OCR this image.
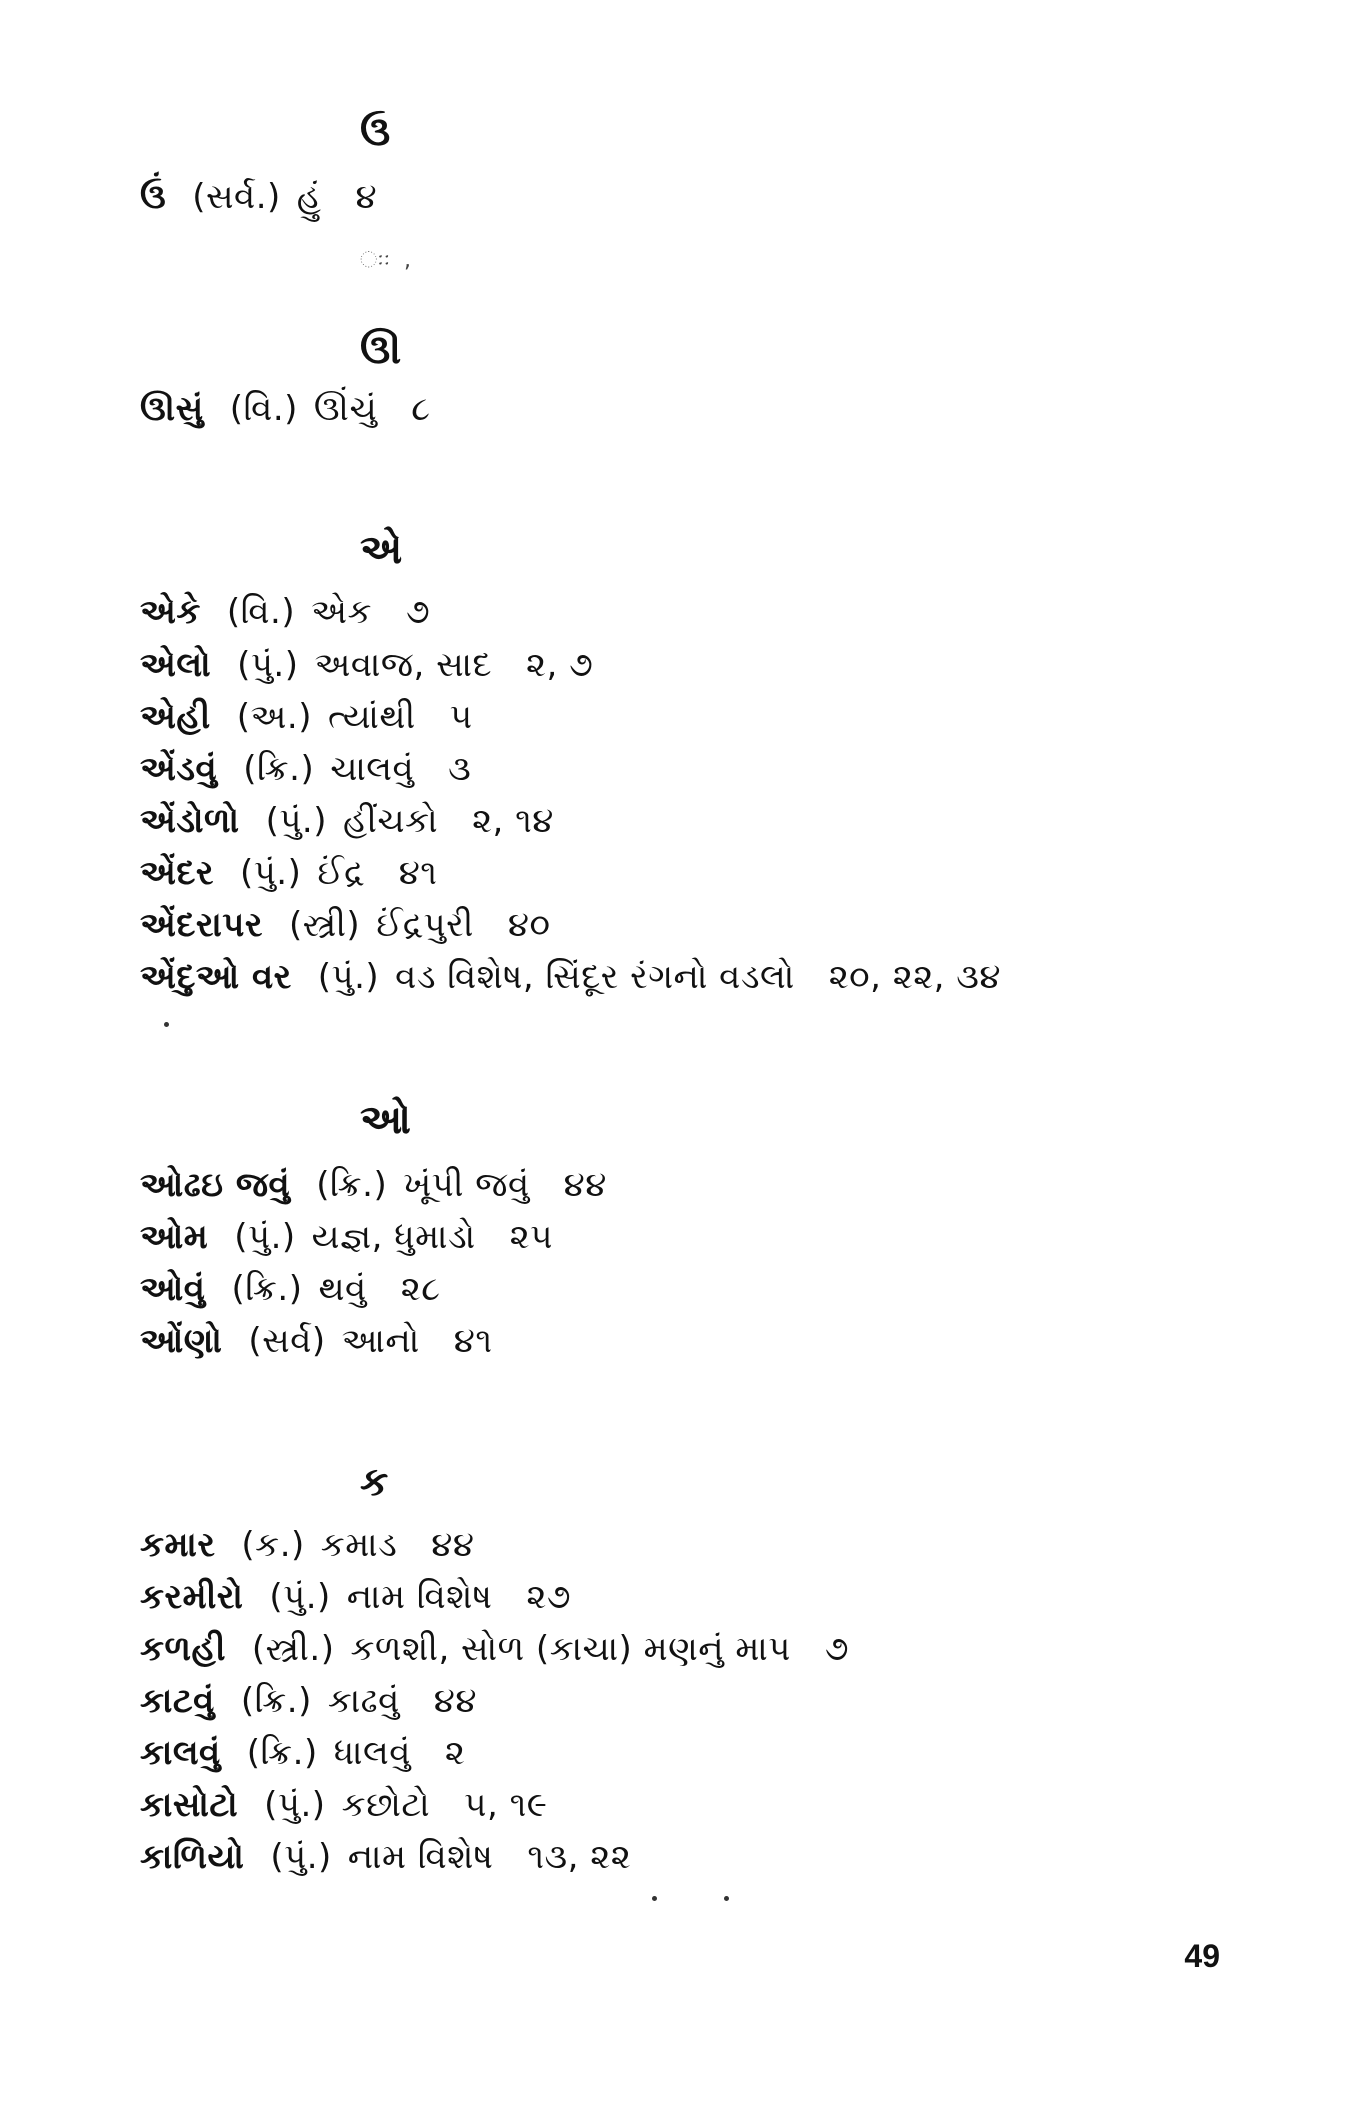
ઉ
ઉં (સર્વ.) હું ૪
ઃઃ ‍ ,
ઊ
ઊસું (વિ.) ઊંચું ૮
એ
એકે (વિ.) એક ૭
એલો (પું.) અવાજ, સાદ ૨, ૭
એહી (અ.) ત્યાંથી ૫
એંડવું (ક્રિ.) ચાલવું ૩
એંડોળો (પું.) હીંચકો ૨, ૧૪
એંદર (પું.) ઈંદ્ર ૪૧
એંદરાપર (સ્ત્રી) ઈંદ્રપુરી ૪૦
એંદુઓ વર (પું.) વડ વિશેષ, સિંદૂર રંગનો વડલો ૨૦, ૨૨, ૩૪
ઓ
ઓઢઇ જવું (ક્રિ.) ખૂંપી જવું ૪૪
ઓમ (પું.) યજ્ઞ, ધુમાડો ૨૫
ઓવું (ક્રિ.) થવું ૨૮
ઓંણો (સર્વ) આનો ૪૧
ક
કમાર (ક.) કમાડ ૪૪
કરમીરો (પું.) નામ વિશેષ ૨૭
કળહી (સ્ત્રી.) કળશી, સોળ (કાચા) મણનું માપ ૭
કાટવું (ક્રિ.) કાઢવું ૪૪
કાલવું (ક્રિ.) ધાલવું ૨
કાસોટો (પું.) કછોટો ૫, ૧૯
કાળિયો (પું.) નામ વિશેષ ૧૩, ૨૨
49
